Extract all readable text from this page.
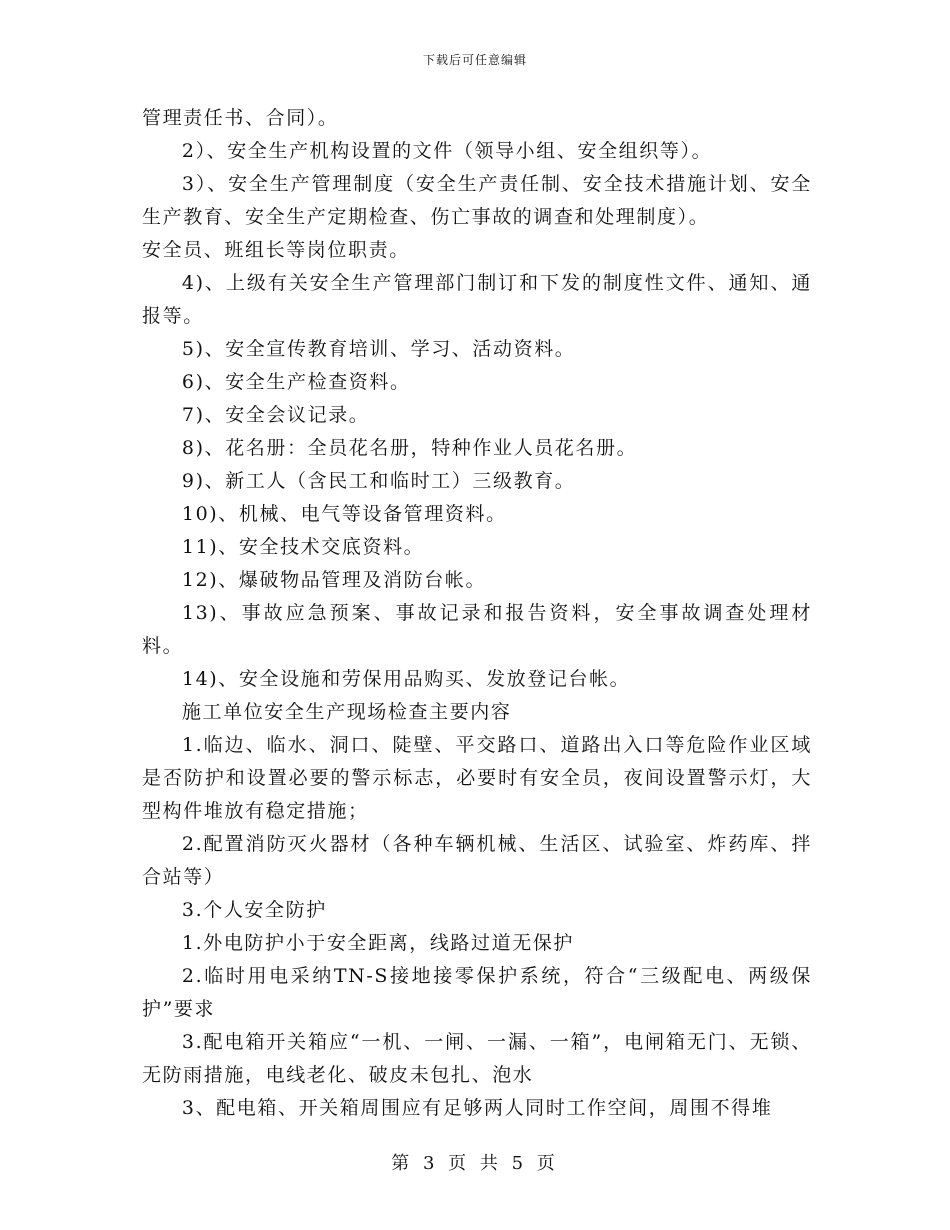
下载后可任意编辑

管理责任书、合同）。

2）、安全生产机构设置的文件（领导小组、安全组织等）。

3）、安全生产管理制度（安全生产责任制、安全技术措施计划、安全生产教育、安全生产定期检查、伤亡事故的调查和处理制度）。

安全员、班组长等岗位职责。

4)、上级有关安全生产管理部门制订和下发的制度性文件、通知、通报等。

5)、安全宣传教育培训、学习、活动资料。

6)、安全生产检查资料。

7)、安全会议记录。

8)、花名册：全员花名册，特种作业人员花名册。

9)、新工人（含民工和临时工）三级教育。

10)、机械、电气等设备管理资料。

11)、安全技术交底资料。

12)、爆破物品管理及消防台帐。

13)、事故应急预案、事故记录和报告资料，安全事故调查处理材料。

14)、安全设施和劳保用品购买、发放登记台帐。

施工单位安全生产现场检查主要内容

1.临边、临水、洞口、陡壁、平交路口、道路出入口等危险作业区域是否防护和设置必要的警示标志，必要时有安全员，夜间设置警示灯，大型构件堆放有稳定措施；

2.配置消防灭火器材（各种车辆机械、生活区、试验室、炸药库、拌合站等）

3.个人安全防护

1.外电防护小于安全距离，线路过道无保护

2.临时用电采纳TN-S接地接零保护系统，符合“三级配电、两级保护”要求

3.配电箱开关箱应“一机、一闸、一漏、一箱”，电闸箱无门、无锁、无防雨措施，电线老化、破皮未包扎、泡水

3、配电箱、开关箱周围应有足够两人同时工作空间，周围不得堆

第 3 页 共 5 页
